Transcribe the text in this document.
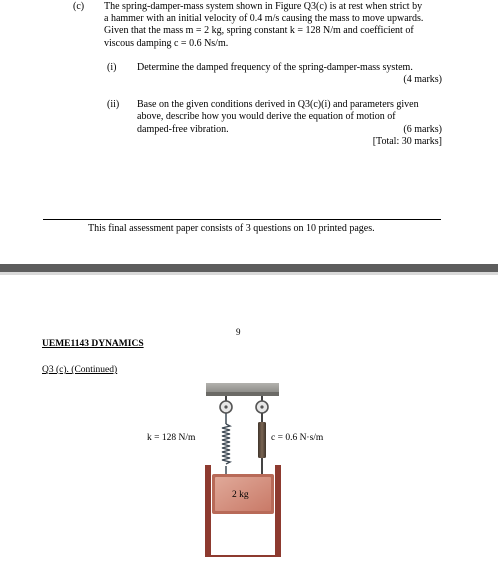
(c) The spring-damper-mass system shown in Figure Q3(c) is at rest when strict by
a hammer with an initial velocity of 0.4 m/s causing the mass to move upwards.
Given that the mass m = 2 kg, spring constant k = 128 N/m and coefficient of
viscous damping c = 0.6 Ns/m.
(i) Determine the damped frequency of the spring-damper-mass system.
(4 marks)
(ii) Base on the given conditions derived in Q3(c)(i) and parameters given
above, describe how you would derive the equation of motion of
damped-free vibration.	(6 marks)
[Total: 30 marks]
This final assessment paper consists of 3 questions on 10 printed pages.
9
UEME1143 DYNAMICS
Q3 (c). (Continued)
k = 128 N/m	c = 0.6 N·s/m
2 kg
